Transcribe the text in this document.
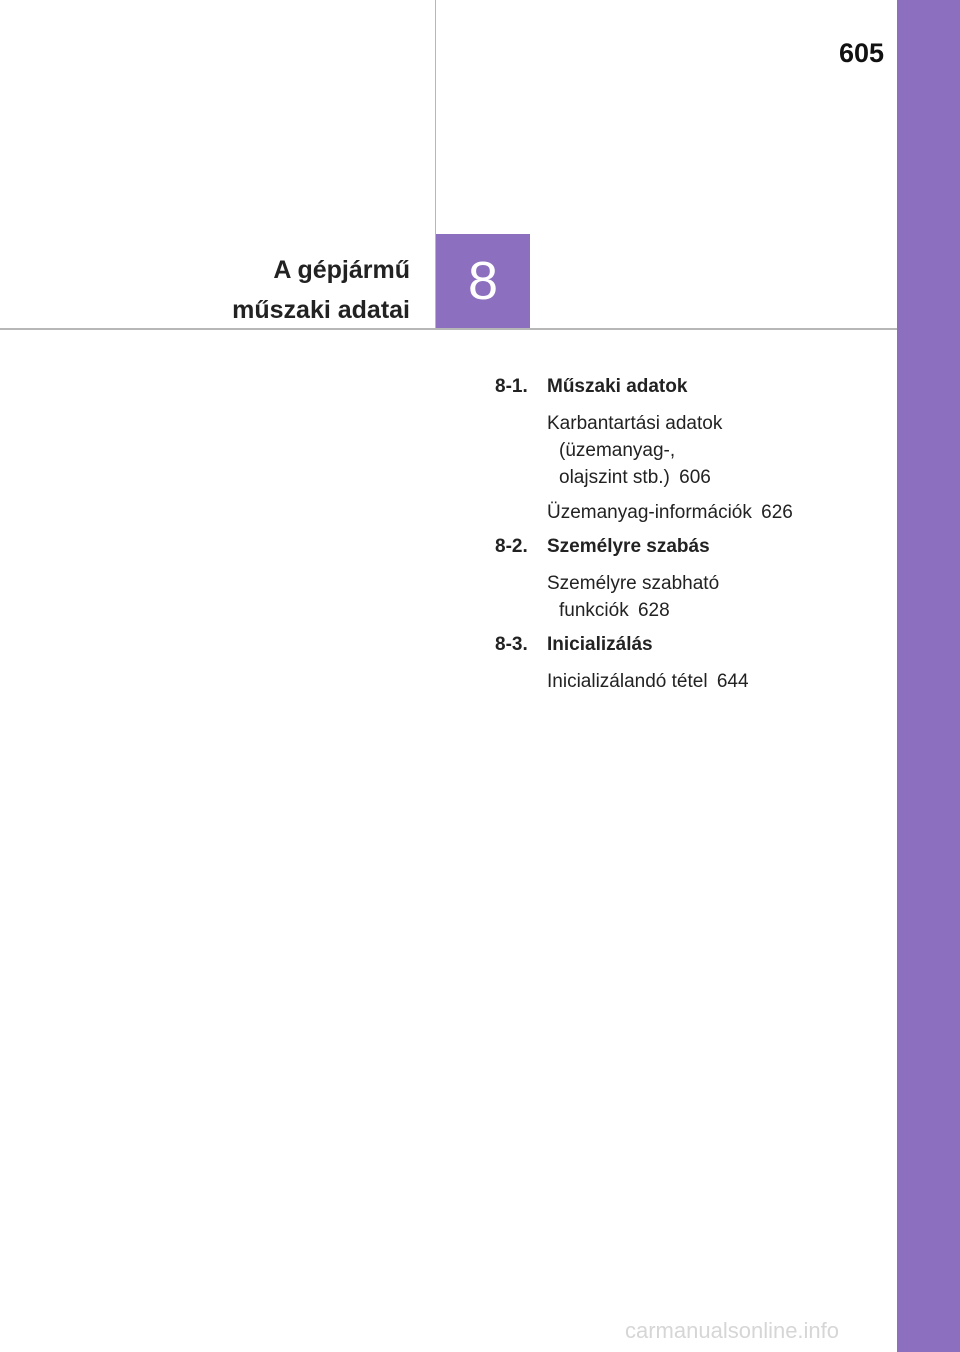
605
A gépjármű
műszaki adatai	8
8-1.	Műszaki adatok
Karbantartási adatok
(üzemanyag-,
olajszint stb.) 606
Üzemanyag-információk 626
8-2.	Személyre szabás
Személyre szabható
funkciók 628
8-3.	Inicializálás
Inicializálandó tétel 644
carmanualsonline.info
